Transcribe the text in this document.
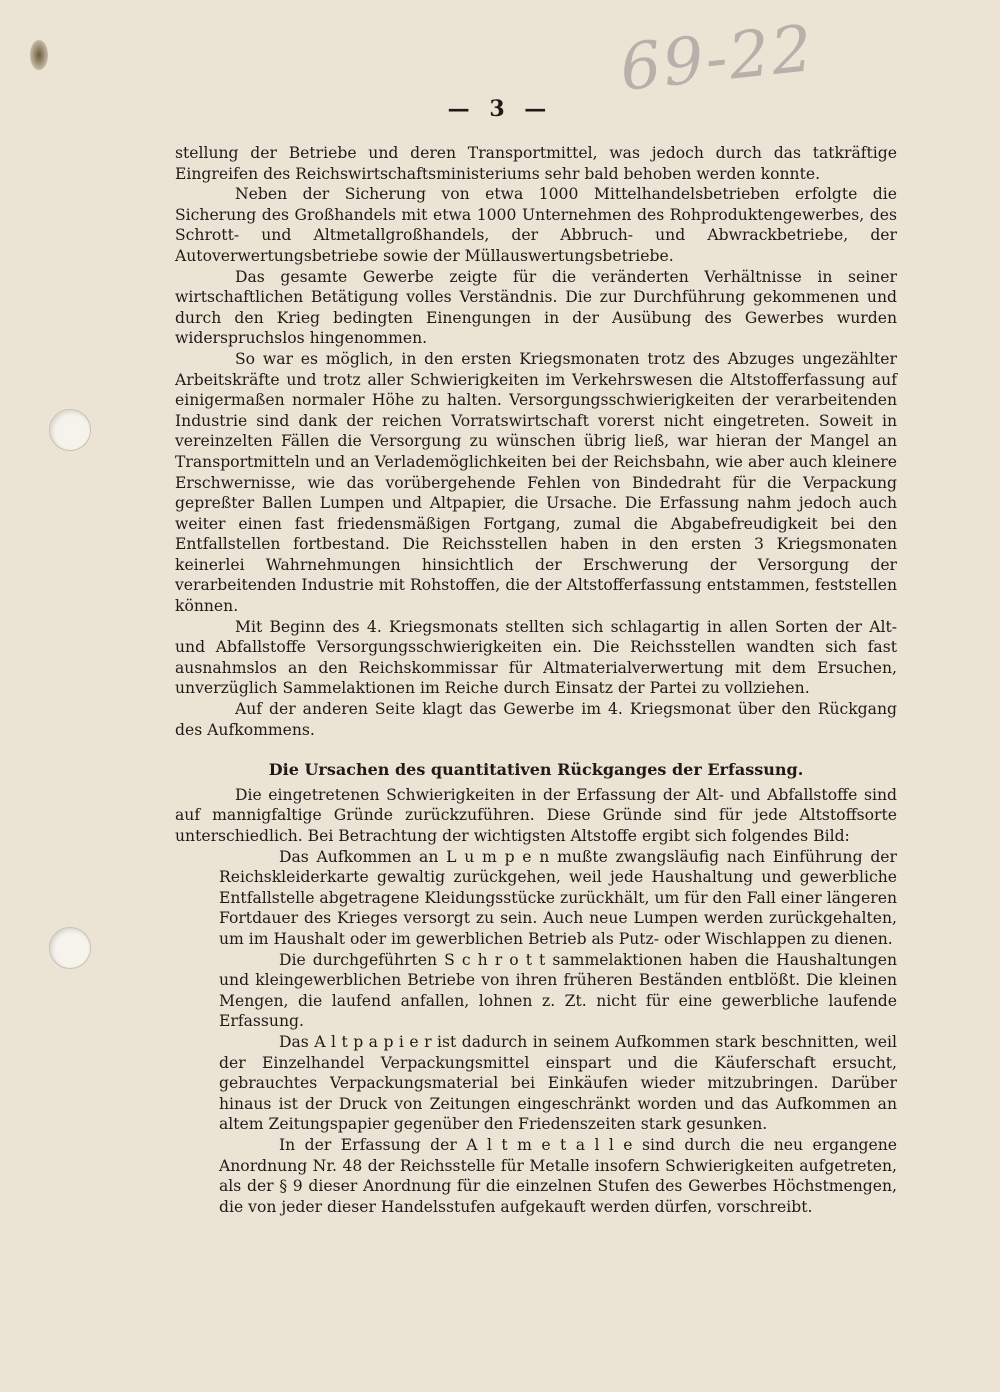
69-22
— 3 —

stellung der Betriebe und deren Transportmittel, was jedoch durch das tatkräftige Eingreifen des Reichswirtschaftsministeriums sehr bald behoben werden konnte.

Neben der Sicherung von etwa 1000 Mittelhandelsbetrieben erfolgte die Sicherung des Großhandels mit etwa 1000 Unternehmen des Rohproduktengewerbes, des Schrott- und Altmetallgroßhandels, der Abbruch- und Abwrackbetriebe, der Autoverwertungsbetriebe sowie der Müllauswertungsbetriebe.

Das gesamte Gewerbe zeigte für die veränderten Verhältnisse in seiner wirtschaftlichen Betätigung volles Verständnis. Die zur Durchführung gekommenen und durch den Krieg bedingten Einengungen in der Ausübung des Gewerbes wurden widerspruchslos hingenommen.

So war es möglich, in den ersten Kriegsmonaten trotz des Abzuges ungezählter Arbeitskräfte und trotz aller Schwierigkeiten im Verkehrswesen die Altstofferfassung auf einigermaßen normaler Höhe zu halten. Versorgungsschwierigkeiten der verarbeitenden Industrie sind dank der reichen Vorratswirtschaft vorerst nicht eingetreten. Soweit in vereinzelten Fällen die Versorgung zu wünschen übrig ließ, war hieran der Mangel an Transportmitteln und an Verlademöglichkeiten bei der Reichsbahn, wie aber auch kleinere Erschwernisse, wie das vorübergehende Fehlen von Bindedraht für die Verpackung gepreßter Ballen Lumpen und Altpapier, die Ursache. Die Erfassung nahm jedoch auch weiter einen fast friedensmäßigen Fortgang, zumal die Abgabefreudigkeit bei den Entfallstellen fortbestand. Die Reichsstellen haben in den ersten 3 Kriegsmonaten keinerlei Wahrnehmungen hinsichtlich der Erschwerung der Versorgung der verarbeitenden Industrie mit Rohstoffen, die der Altstofferfassung entstammen, feststellen können.

Mit Beginn des 4. Kriegsmonats stellten sich schlagartig in allen Sorten der Alt- und Abfallstoffe Versorgungsschwierigkeiten ein. Die Reichsstellen wandten sich fast ausnahmslos an den Reichskommissar für Altmaterialverwertung mit dem Ersuchen, unverzüglich Sammelaktionen im Reiche durch Einsatz der Partei zu vollziehen.

Auf der anderen Seite klagt das Gewerbe im 4. Kriegsmonat über den Rückgang des Aufkommens.

Die Ursachen des quantitativen Rückganges der Erfassung.

Die eingetretenen Schwierigkeiten in der Erfassung der Alt- und Abfallstoffe sind auf mannigfaltige Gründe zurückzuführen. Diese Gründe sind für jede Altstoffsorte unterschiedlich. Bei Betrachtung der wichtigsten Altstoffe ergibt sich folgendes Bild:

Das Aufkommen an L u m p e n mußte zwangsläufig nach Einführung der Reichskleiderkarte gewaltig zurückgehen, weil jede Haushaltung und gewerbliche Entfallstelle abgetragene Kleidungsstücke zurückhält, um für den Fall einer längeren Fortdauer des Krieges versorgt zu sein. Auch neue Lumpen werden zurückgehalten, um im Haushalt oder im gewerblichen Betrieb als Putz- oder Wischlappen zu dienen.

Die durchgeführten S c h r o t t sammelaktionen haben die Haushaltungen und kleingewerblichen Betriebe von ihren früheren Beständen entblößt. Die kleinen Mengen, die laufend anfallen, lohnen z. Zt. nicht für eine gewerbliche laufende Erfassung.

Das A l t p a p i e r ist dadurch in seinem Aufkommen stark beschnitten, weil der Einzelhandel Verpackungsmittel einspart und die Käuferschaft ersucht, gebrauchtes Verpackungsmaterial bei Einkäufen wieder mitzubringen. Darüber hinaus ist der Druck von Zeitungen eingeschränkt worden und das Aufkommen an altem Zeitungspapier gegenüber den Friedenszeiten stark gesunken.

In der Erfassung der A l t m e t a l l e sind durch die neu ergangene Anordnung Nr. 48 der Reichsstelle für Metalle insofern Schwierigkeiten aufgetreten, als der § 9 dieser Anordnung für die einzelnen Stufen des Gewerbes Höchstmengen, die von jeder dieser Handelsstufen aufgekauft werden dürfen, vorschreibt.
